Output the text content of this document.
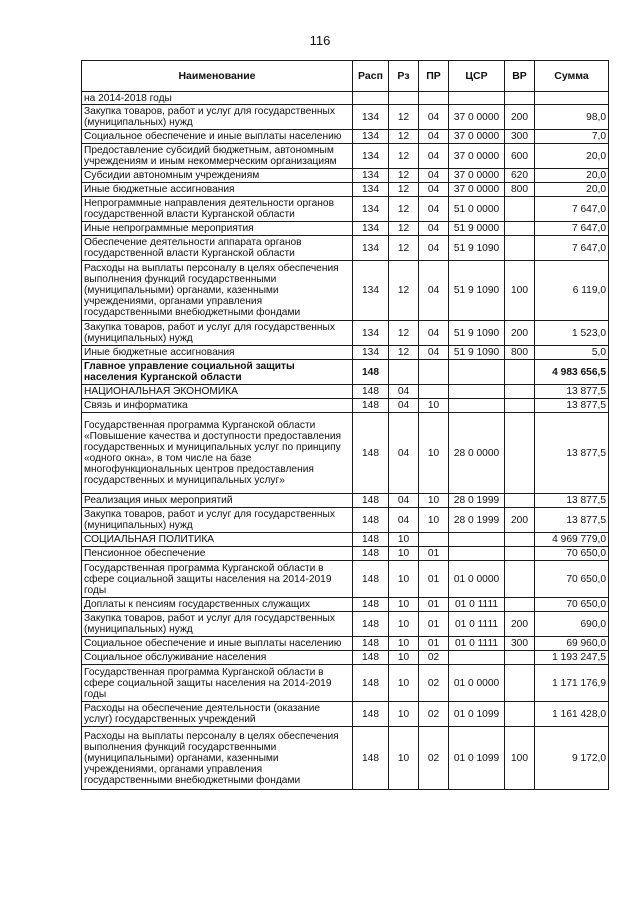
116
Наименование	Расп	Рз	ПР	ЦСР	ВР	Сумма
на 2014-2018 годы						
Закупка товаров, работ и услуг для государственных (муниципальных) нужд	134	12	04	37 0 0000	200	98,0
Социальное обеспечение и иные выплаты населению	134	12	04	37 0 0000	300	7,0
Предоставление субсидий бюджетным, автономным учреждениям и иным некоммерческим организациям	134	12	04	37 0 0000	600	20,0
Субсидии автономным учреждениям	134	12	04	37 0 0000	620	20,0
Иные бюджетные ассигнования	134	12	04	37 0 0000	800	20,0
Непрограммные направления деятельности органов государственной власти Курганской области	134	12	04	51 0 0000		7 647,0
Иные непрограммные мероприятия	134	12	04	51 9 0000		7 647,0
Обеспечение деятельности аппарата органов государственной власти Курганской области	134	12	04	51 9 1090		7 647,0
Расходы на выплаты персоналу в целях обеспечения выполнения функций государственными (муниципальными) органами, казенными учреждениями, органами управления государственными внебюджетными фондами	134	12	04	51 9 1090	100	6 119,0
Закупка товаров, работ и услуг для государственных (муниципальных) нужд	134	12	04	51 9 1090	200	1 523,0
Иные бюджетные ассигнования	134	12	04	51 9 1090	800	5,0
Главное управление социальной защиты населения Курганской области	148					4 983 656,5
НАЦИОНАЛЬНАЯ ЭКОНОМИКА	148	04				13 877,5
Связь и информатика	148	04	10			13 877,5
Государственная программа Курганской области «Повышение качества и доступности предоставления государственных и муниципальных услуг по принципу «одного окна», в том числе на базе многофункциональных центров предоставления государственных и муниципальных услуг»	148	04	10	28 0 0000		13 877,5
Реализация иных мероприятий	148	04	10	28 0 1999		13 877,5
Закупка товаров, работ и услуг для государственных (муниципальных) нужд	148	04	10	28 0 1999	200	13 877,5
СОЦИАЛЬНАЯ ПОЛИТИКА	148	10				4 969 779,0
Пенсионное обеспечение	148	10	01			70 650,0
Государственная программа Курганской области в сфере социальной защиты населения на 2014-2019 годы	148	10	01	01 0 0000		70 650,0
Доплаты к пенсиям государственных служащих	148	10	01	01 0 1111		70 650,0
Закупка товаров, работ и услуг для государственных (муниципальных) нужд	148	10	01	01 0 1111	200	690,0
Социальное обеспечение и иные выплаты населению	148	10	01	01 0 1111	300	69 960,0
Социальное обслуживание населения	148	10	02			1 193 247,5
Государственная программа Курганской области в сфере социальной защиты населения на 2014-2019 годы	148	10	02	01 0 0000		1 171 176,9
Расходы на обеспечение деятельности (оказание услуг) государственных учреждений	148	10	02	01 0 1099		1 161 428,0
Расходы на выплаты персоналу в целях обеспечения выполнения функций государственными (муниципальными) органами, казенными учреждениями, органами управления государственными внебюджетными фондами	148	10	02	01 0 1099	100	9 172,0
